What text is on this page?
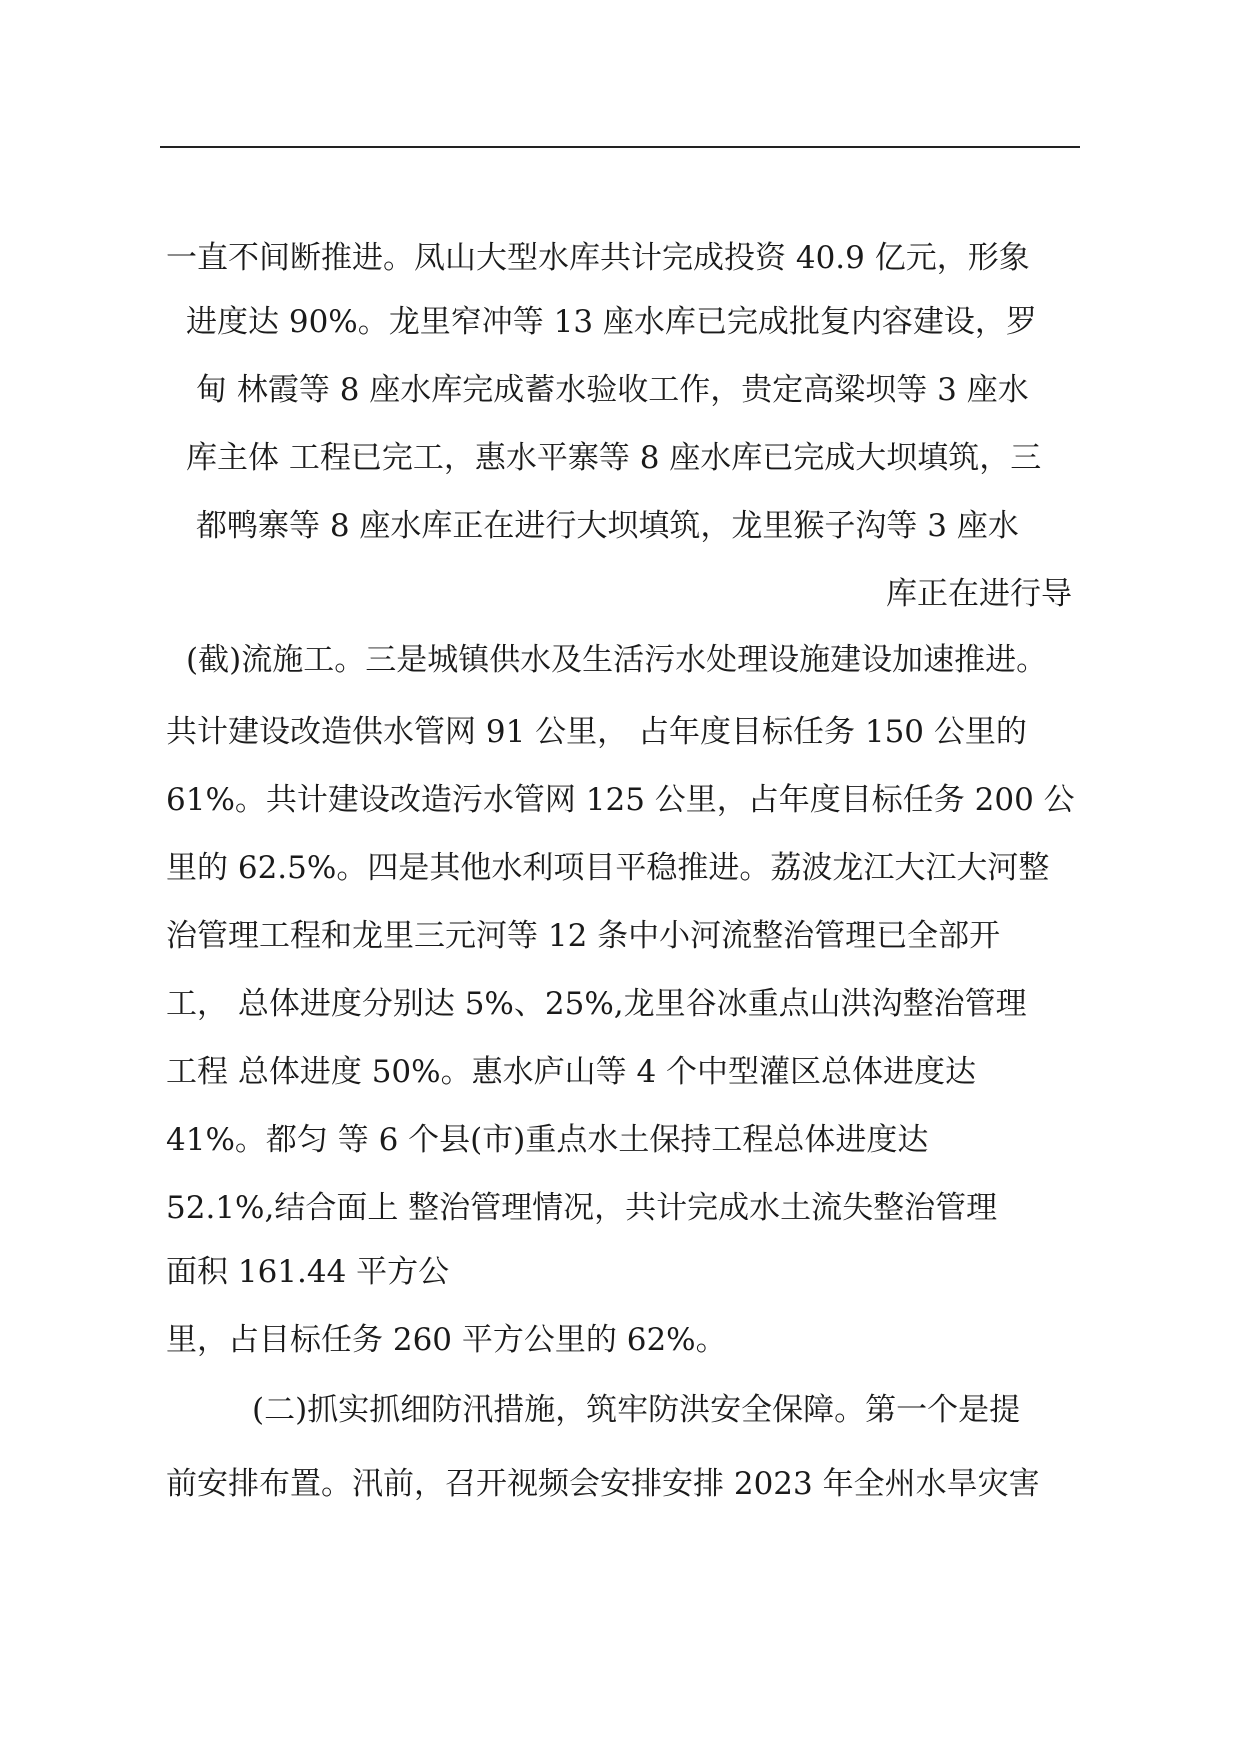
一直不间断推进。凤山大型水库共计完成投资 40.9 亿元，形象
进度达 90%。龙里窄冲等 13 座水库已完成批复内容建设，罗
甸 林霞等 8 座水库完成蓄水验收工作，贵定高粱坝等 3 座水
库主体 工程已完工，惠水平寨等 8 座水库已完成大坝填筑，三
都鸭寨等 8 座水库正在进行大坝填筑，龙里猴子沟等 3 座水
库正在进行导
(截)流施工。三是城镇供水及生活污水处理设施建设加速推进。
共计建设改造供水管网 91 公里， 占年度目标任务 150 公里的
61%。共计建设改造污水管网 125 公里，占年度目标任务 200 公
里的 62.5%。四是其他水利项目平稳推进。荔波龙江大江大河整
治管理工程和龙里三元河等 12 条中小河流整治管理已全部开
工， 总体进度分别达 5%、25%,龙里谷冰重点山洪沟整治管理
工程 总体进度 50%。惠水庐山等 4 个中型灌区总体进度达
41%。都匀 等 6 个县(市)重点水土保持工程总体进度达
52.1%,结合面上 整治管理情况，共计完成水土流失整治管理
面积 161.44 平方公
里，占目标任务 260 平方公里的 62%。
(二)抓实抓细防汛措施，筑牢防洪安全保障。第一个是提
前安排布置。汛前，召开视频会安排安排 2023 年全州水旱灾害
